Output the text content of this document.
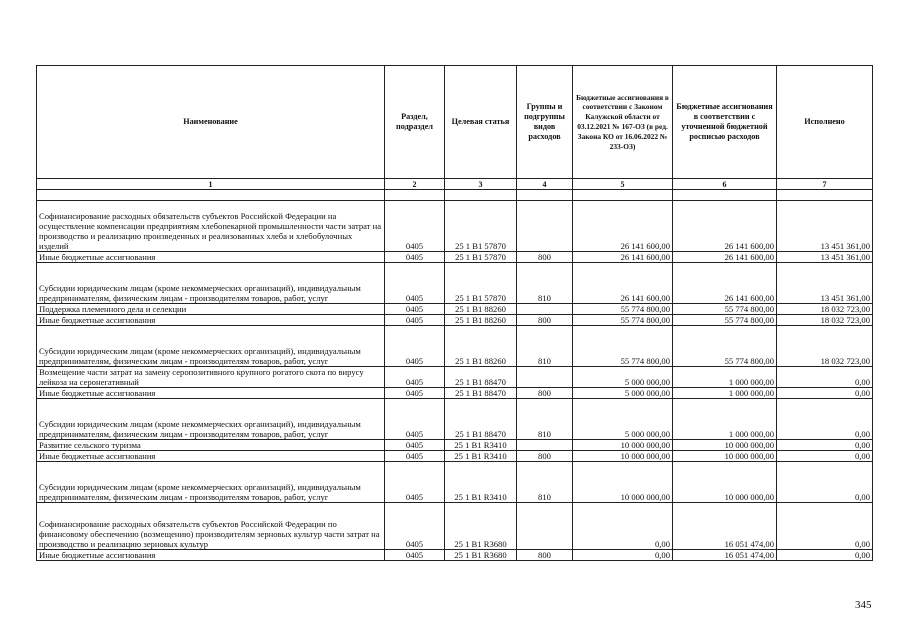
Наименование	Раздел, подраздел	Целевая статья	Группы и подгруппы видов расходов	Бюджетные ассигнования в соответствии с Законом Калужской области от 03.12.2021 № 167-ОЗ (в ред. Закона КО от 16.06.2022 № 233-ОЗ)	Бюджетные ассигнования в соответствии с уточненной бюджетной росписью расходов	Исполнено
1	2	3	4	5	6	7

Софинансирование расходных обязательств субъектов Российской Федерации на осуществление компенсации предприятиям хлебопекарной промышленности части затрат на производство и реализацию произведенных и реализованных хлеба и хлебобулочных изделий	0405	25 1 B1 57870		26 141 600,00	26 141 600,00	13 451 361,00
Иные бюджетные ассигнования	0405	25 1 B1 57870	800	26 141 600,00	26 141 600,00	13 451 361,00
Субсидии юридическим лицам (кроме некоммерческих организаций), индивидуальным предпринимателям, физическим лицам - производителям товаров, работ, услуг	0405	25 1 B1 57870	810	26 141 600,00	26 141 600,00	13 451 361,00
Поддержка племенного дела и селекции	0405	25 1 B1 88260		55 774 800,00	55 774 800,00	18 032 723,00
Иные бюджетные ассигнования	0405	25 1 B1 88260	800	55 774 800,00	55 774 800,00	18 032 723,00
Субсидии юридическим лицам (кроме некоммерческих организаций), индивидуальным предпринимателям, физическим лицам - производителям товаров, работ, услуг	0405	25 1 B1 88260	810	55 774 800,00	55 774 800,00	18 032 723,00
Возмещение части затрат на замену серопозитивного крупного рогатого скота по вирусу лейкоза на серонегативный	0405	25 1 B1 88470		5 000 000,00	1 000 000,00	0,00
Иные бюджетные ассигнования	0405	25 1 B1 88470	800	5 000 000,00	1 000 000,00	0,00
Субсидии юридическим лицам (кроме некоммерческих организаций), индивидуальным предпринимателям, физическим лицам - производителям товаров, работ, услуг	0405	25 1 B1 88470	810	5 000 000,00	1 000 000,00	0,00
Развитие сельского туризма	0405	25 1 B1 R3410		10 000 000,00	10 000 000,00	0,00
Иные бюджетные ассигнования	0405	25 1 B1 R3410	800	10 000 000,00	10 000 000,00	0,00
Субсидии юридическим лицам (кроме некоммерческих организаций), индивидуальным предпринимателям, физическим лицам - производителям товаров, работ, услуг	0405	25 1 B1 R3410	810	10 000 000,00	10 000 000,00	0,00
Софинансирование расходных обязательств субъектов Российской Федерации по финансовому обеспечению (возмещению) производителям зерновых культур части затрат на производство и реализацию зерновых культур	0405	25 1 B1 R3680		0,00	16 051 474,00	0,00
Иные бюджетные ассигнования	0405	25 1 B1 R3680	800	0,00	16 051 474,00	0,00
345
